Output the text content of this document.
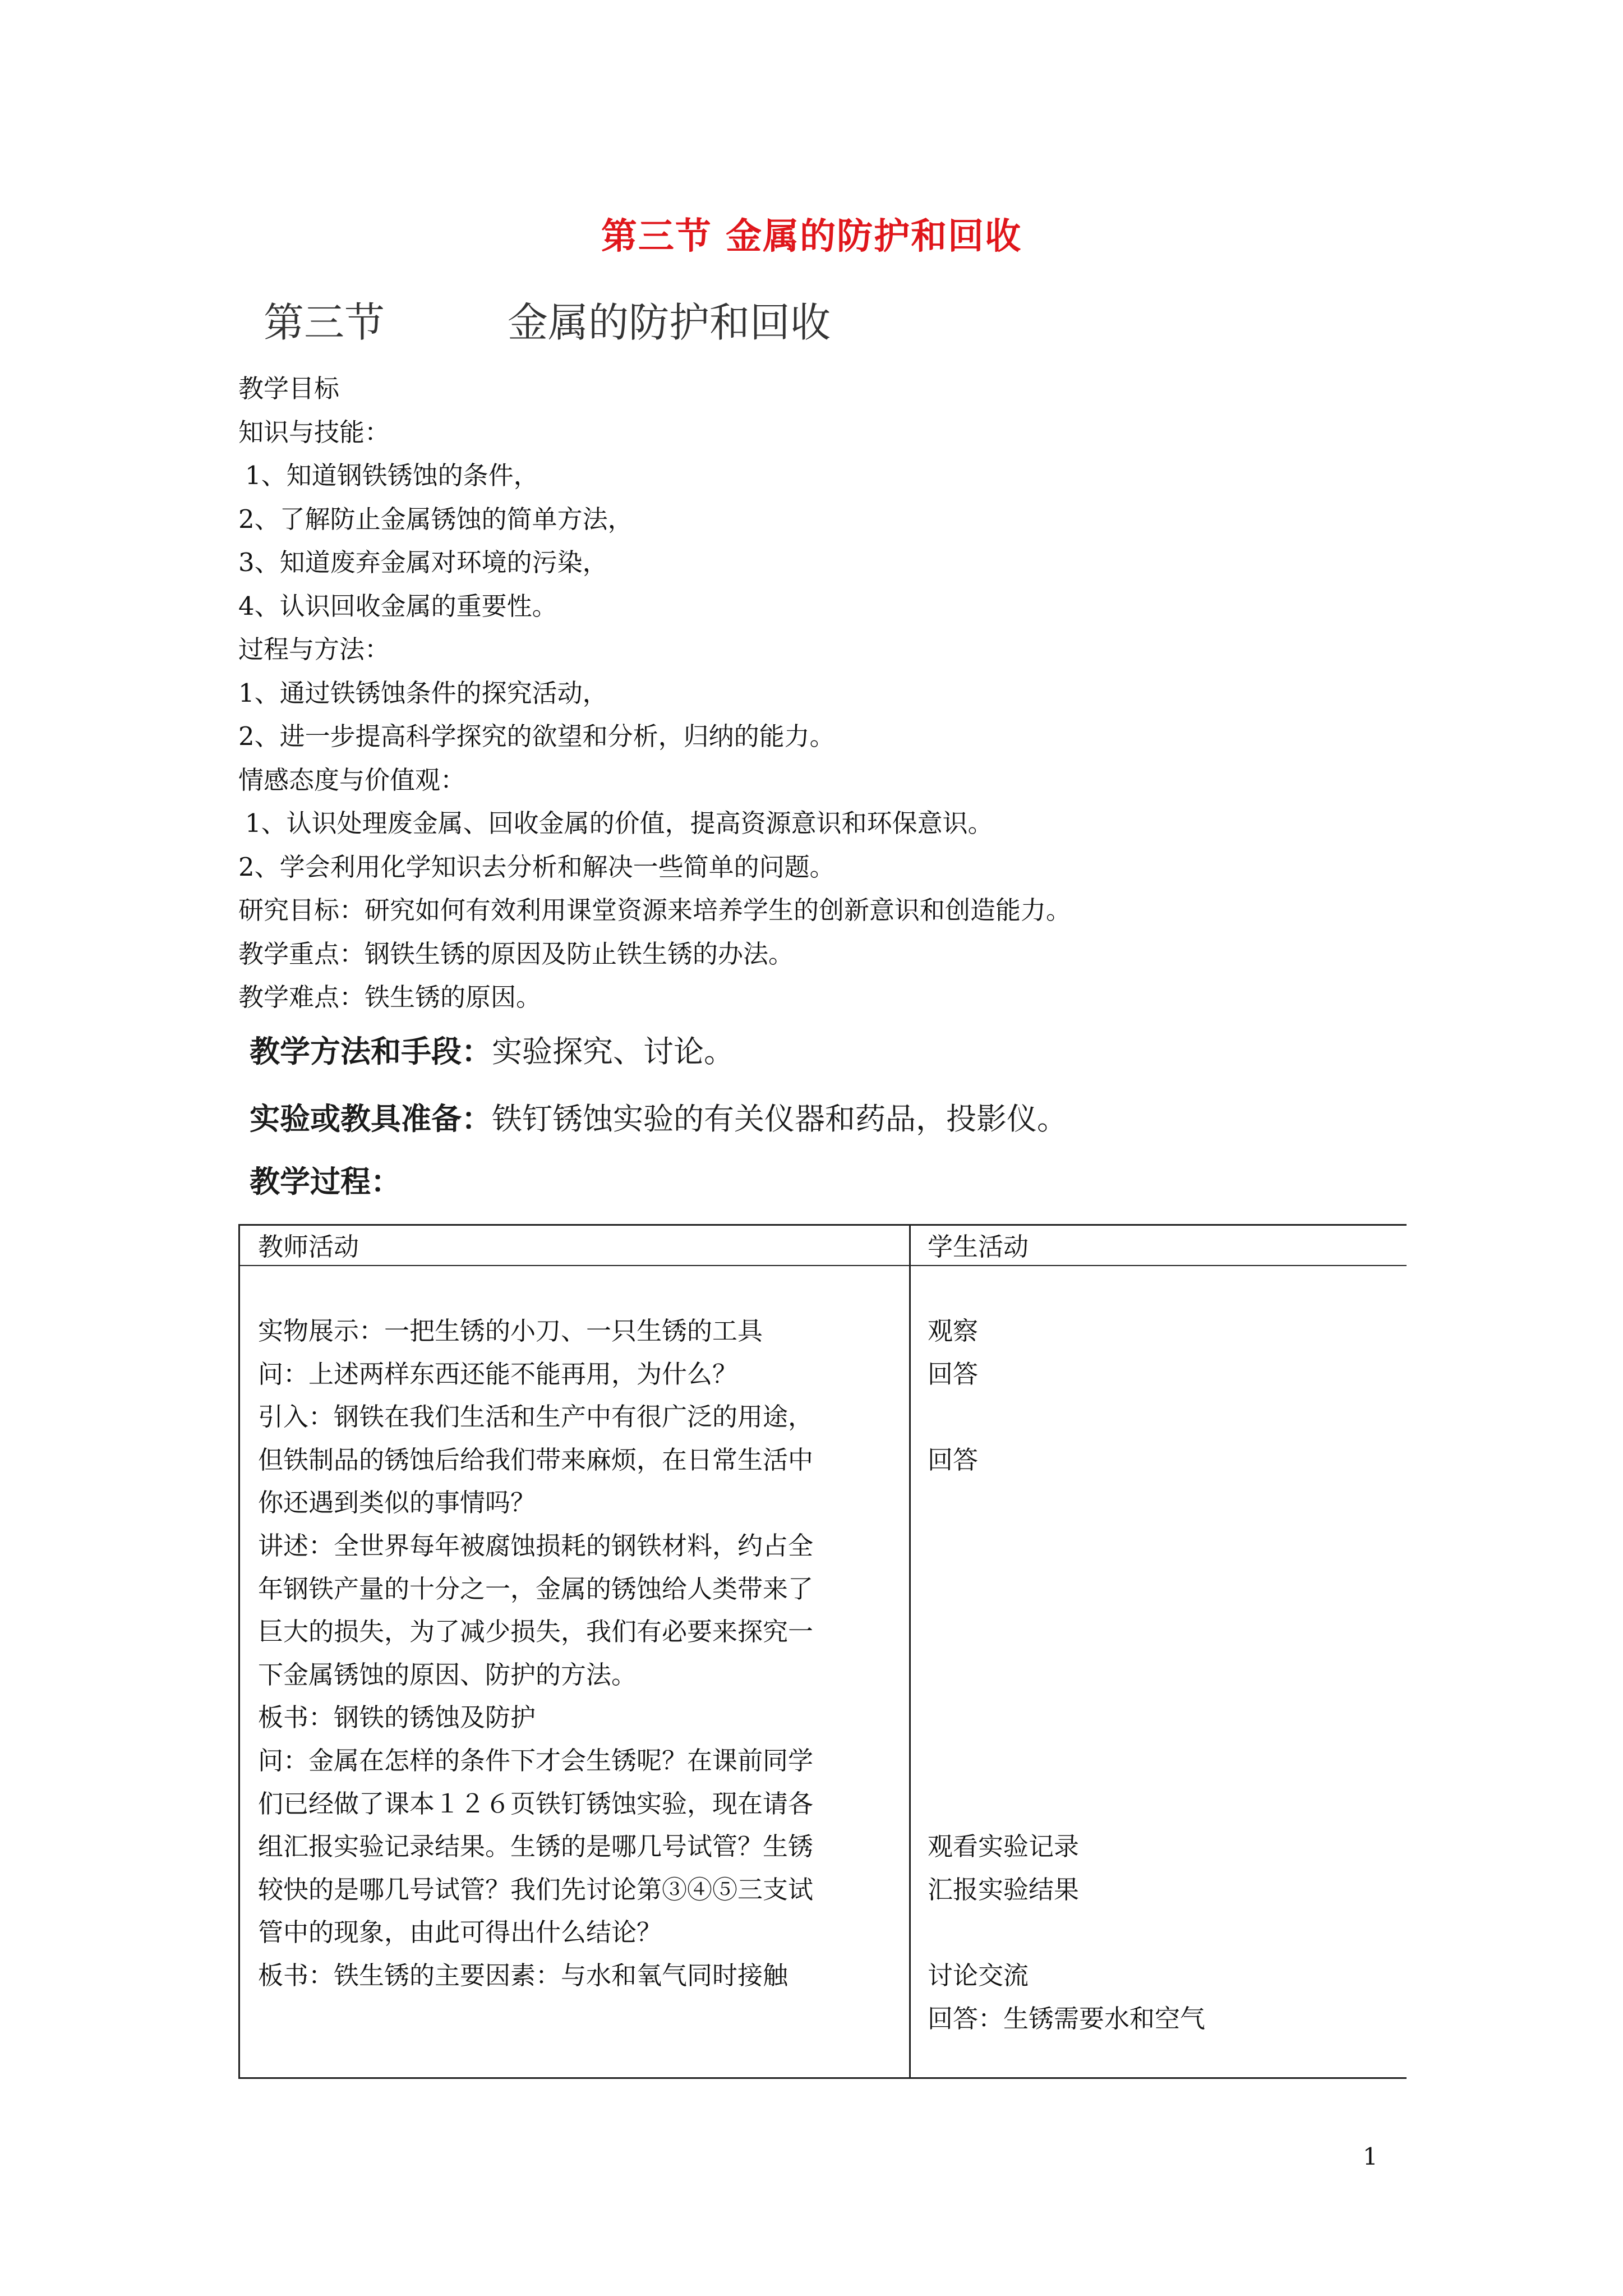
第三节 金属的防护和回收
第三节	金属的防护和回收
教学目标
知识与技能：
1、知道钢铁锈蚀的条件，
2、了解防止金属锈蚀的简单方法，
3、知道废弃金属对环境的污染，
4、认识回收金属的重要性。
过程与方法：
1、通过铁锈蚀条件的探究活动，
2、进一步提高科学探究的欲望和分析，归纳的能力。
情感态度与价值观：
1、认识处理废金属、回收金属的价值，提高资源意识和环保意识。
2、学会利用化学知识去分析和解决一些简单的问题。
研究目标：研究如何有效利用课堂资源来培养学生的创新意识和创造能力。
教学重点：钢铁生锈的原因及防止铁生锈的办法。
教学难点：铁生锈的原因。
教学方法和手段：实验探究、讨论。
实验或教具准备：铁钉锈蚀实验的有关仪器和药品，投影仪。
教学过程：
教师活动	学生活动
实物展示：一把生锈的小刀、一只生锈的工具
问：上述两样东西还能不能再用，为什么？
引入：钢铁在我们生活和生产中有很广泛的用途，
但铁制品的锈蚀后给我们带来麻烦，在日常生活中
你还遇到类似的事情吗？
讲述：全世界每年被腐蚀损耗的钢铁材料，约占全
年钢铁产量的十分之一，金属的锈蚀给人类带来了
巨大的损失，为了减少损失，我们有必要来探究一
下金属锈蚀的原因、防护的方法。
板书：钢铁的锈蚀及防护
问：金属在怎样的条件下才会生锈呢？在课前同学
们已经做了课本１２６页铁钉锈蚀实验，现在请各
组汇报实验记录结果。生锈的是哪几号试管？生锈
较快的是哪几号试管？我们先讨论第③④⑤三支试
管中的现象，由此可得出什么结论？
板书：铁生锈的主要因素：与水和氧气同时接触
观察
回答
回答
观看实验记录
汇报实验结果
讨论交流
回答：生锈需要水和空气
1
